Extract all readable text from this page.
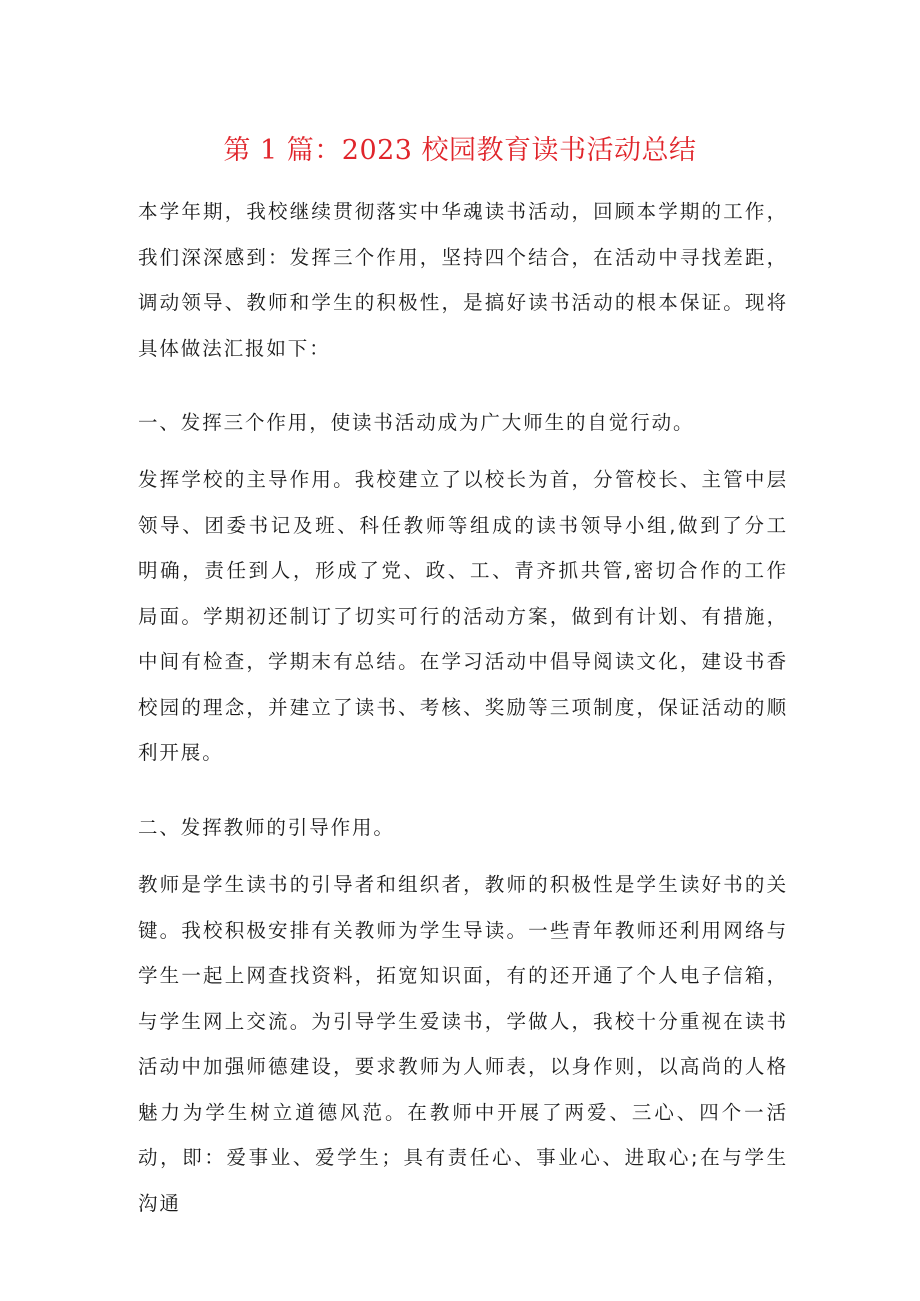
第 1 篇：2023 校园教育读书活动总结

本学年期，我校继续贯彻落实中华魂读书活动，回顾本学期的工作，我们深深感到：发挥三个作用，坚持四个结合，在活动中寻找差距，调动领导、教师和学生的积极性，是搞好读书活动的根本保证。现将具体做法汇报如下：

一、发挥三个作用，使读书活动成为广大师生的自觉行动。

发挥学校的主导作用。我校建立了以校长为首，分管校长、主管中层领导、团委书记及班、科任教师等组成的读书领导小组,做到了分工明确，责任到人，形成了党、政、工、青齐抓共管,密切合作的工作局面。学期初还制订了切实可行的活动方案，做到有计划、有措施，中间有检查，学期末有总结。在学习活动中倡导阅读文化，建设书香校园的理念，并建立了读书、考核、奖励等三项制度，保证活动的顺利开展。

二、发挥教师的引导作用。

教师是学生读书的引导者和组织者，教师的积极性是学生读好书的关键。我校积极安排有关教师为学生导读。一些青年教师还利用网络与学生一起上网查找资料，拓宽知识面，有的还开通了个人电子信箱，与学生网上交流。为引导学生爱读书，学做人，我校十分重视在读书活动中加强师德建设，要求教师为人师表，以身作则，以高尚的人格魅力为学生树立道德风范。在教师中开展了两爱、三心、四个一活动，即：爱事业、爱学生；具有责任心、事业心、进取心;在与学生沟通
